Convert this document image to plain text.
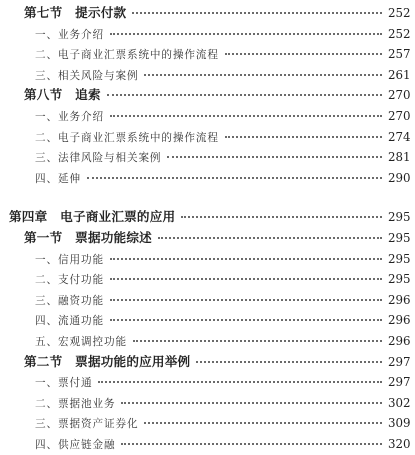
第七节　提示付款	252
一、业务介绍	252
二、电子商业汇票系统中的操作流程	257
三、相关风险与案例	261
第八节　追索	270
一、业务介绍	270
二、电子商业汇票系统中的操作流程	274
三、法律风险与相关案例	281
四、延伸	290
第四章　电子商业汇票的应用	295
第一节　票据功能综述	295
一、信用功能	295
二、支付功能	295
三、融资功能	296
四、流通功能	296
五、宏观调控功能	296
第二节　票据功能的应用举例	297
一、票付通	297
二、票据池业务	302
三、票据资产证券化	309
四、供应链金融	320
